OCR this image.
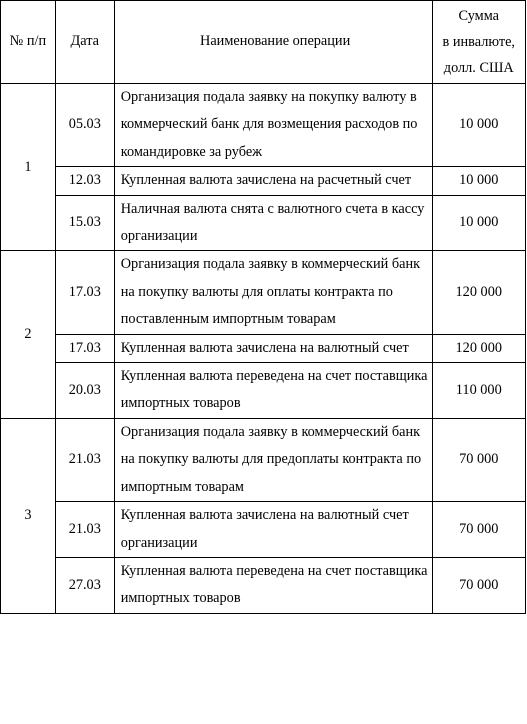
№ п/п	Дата	Наименование операции	Сумма
в инвалюте,
долл. США
1	05.03	Организация подала заявку на покупку валюту в коммерческий банк для возмещения расходов по командировке за рубеж	10 000
	12.03	Купленная валюта зачислена на расчетный счет	10 000
	15.03	Наличная валюта снята с валютного счета в кассу организации	10 000
2	17.03	Организация подала заявку в коммерческий банк на покупку валюты для оплаты контракта по поставленным импортным товарам	120 000
	17.03	Купленная валюта зачислена на валютный счет	120 000
	20.03	Купленная валюта переведена на счет поставщика импортных товаров	110 000
3	21.03	Организация подала заявку в коммерческий банк на покупку валюты для предоплаты контракта по импортным товарам	70 000
	21.03	Купленная валюта зачислена на валютный счет организации	70 000
	27.03	Купленная валюта переведена на счет поставщика импортных товаров	70 000
